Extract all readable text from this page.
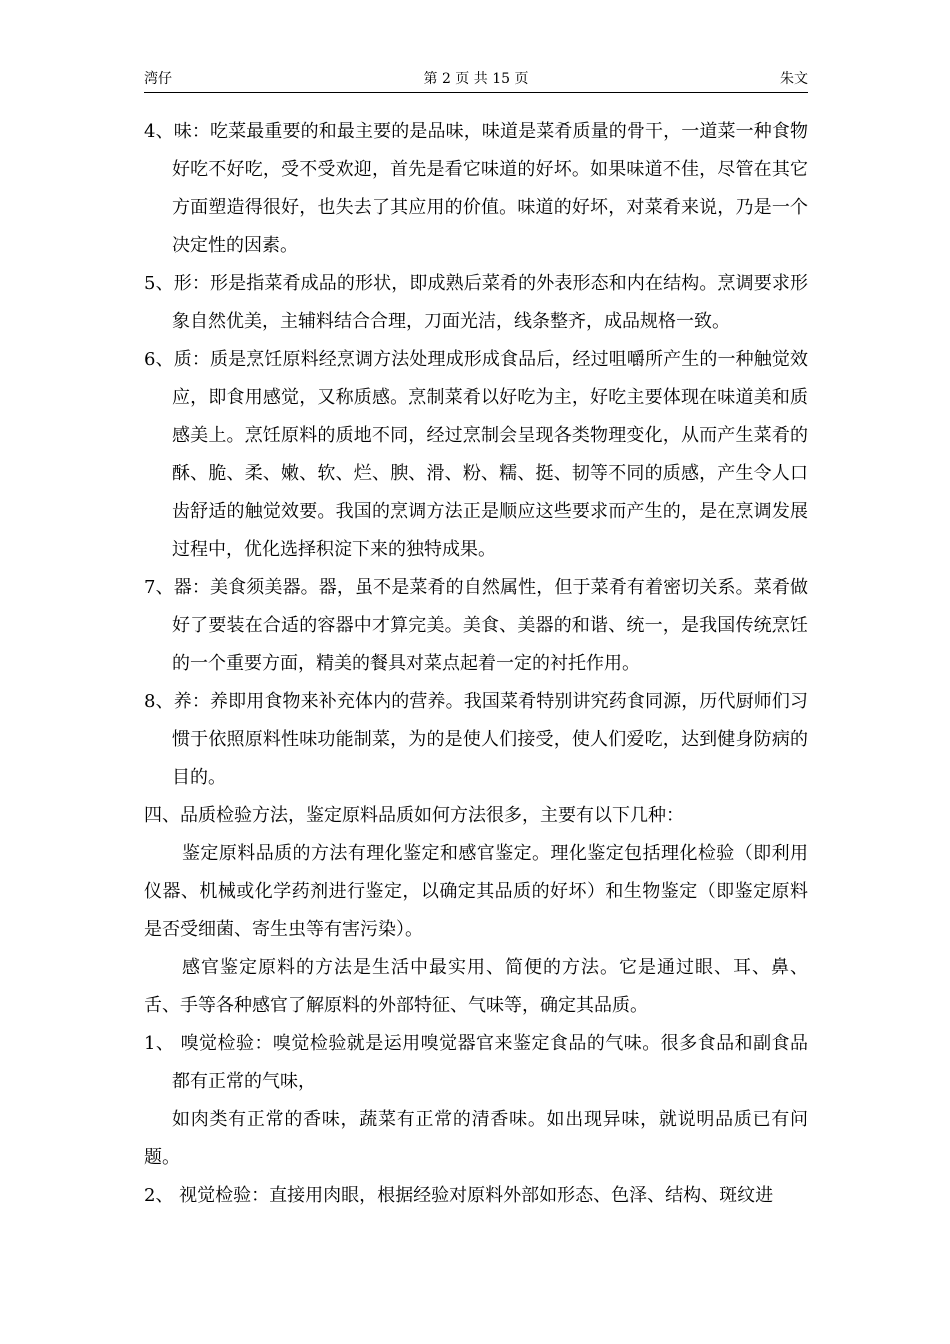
湾仔	第 2 页 共 15 页	朱文

4、味：吃菜最重要的和最主要的是品味，味道是菜肴质量的骨干，一道菜一种食物好吃不好吃，受不受欢迎，首先是看它味道的好坏。如果味道不佳，尽管在其它方面塑造得很好，也失去了其应用的价值。味道的好坏，对菜肴来说，乃是一个决定性的因素。

5、形：形是指菜肴成品的形状，即成熟后菜肴的外表形态和内在结构。烹调要求形象自然优美，主辅料结合合理，刀面光洁，线条整齐，成品规格一致。

6、质：质是烹饪原料经烹调方法处理成形成食品后，经过咀嚼所产生的一种触觉效应，即食用感觉，又称质感。烹制菜肴以好吃为主，好吃主要体现在味道美和质感美上。烹饪原料的质地不同，经过烹制会呈现各类物理变化，从而产生菜肴的酥、脆、柔、嫩、软、烂、腴、滑、粉、糯、挺、韧等不同的质感，产生令人口齿舒适的触觉效要。我国的烹调方法正是顺应这些要求而产生的，是在烹调发展过程中，优化选择积淀下来的独特成果。

7、器：美食须美器。器，虽不是菜肴的自然属性，但于菜肴有着密切关系。菜肴做好了要装在合适的容器中才算完美。美食、美器的和谐、统一，是我国传统烹饪的一个重要方面，精美的餐具对菜点起着一定的衬托作用。

8、养：养即用食物来补充体内的营养。我国菜肴特别讲究药食同源，历代厨师们习惯于依照原料性味功能制菜，为的是使人们接受，使人们爱吃，达到健身防病的目的。

四、品质检验方法，鉴定原料品质如何方法很多，主要有以下几种：

鉴定原料品质的方法有理化鉴定和感官鉴定。理化鉴定包括理化检验（即利用仪器、机械或化学药剂进行鉴定，以确定其品质的好坏）和生物鉴定（即鉴定原料是否受细菌、寄生虫等有害污染）。

感官鉴定原料的方法是生活中最实用、简便的方法。它是通过眼、耳、鼻、舌、手等各种感官了解原料的外部特征、气味等，确定其品质。

1、 嗅觉检验：嗅觉检验就是运用嗅觉器官来鉴定食品的气味。很多食品和副食品都有正常的气味，

如肉类有正常的香味，蔬菜有正常的清香味。如出现异味，就说明品质已有问题。

2、 视觉检验：直接用肉眼，根据经验对原料外部如形态、色泽、结构、斑纹进
